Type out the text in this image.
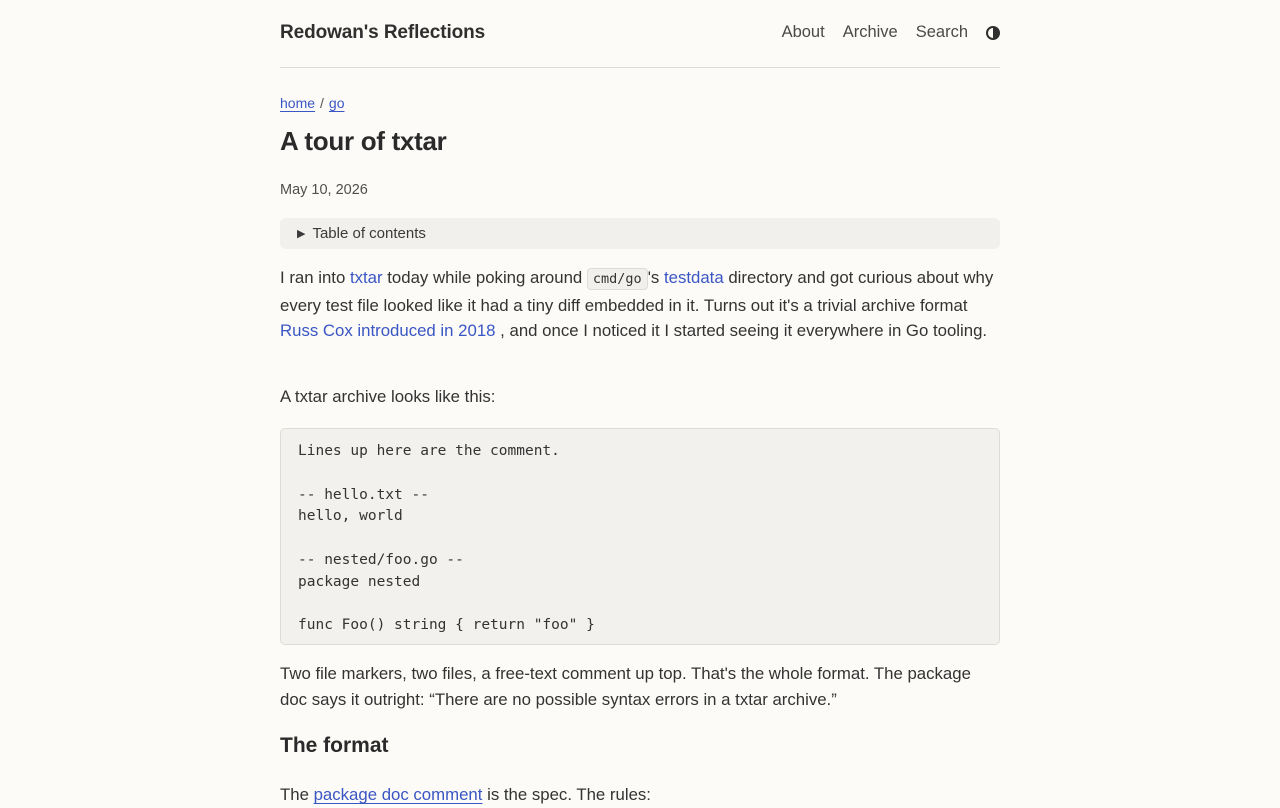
Redowan's Reflections	About Archive Search
home / go
A tour of txtar
May 10, 2026
▶ Table of contents

I ran into txtar today while poking around cmd/go 's testdata directory and got curious about why every test file looked like it had a tiny diff embedded in it. Turns out it's a trivial archive format Russ Cox introduced in 2018 , and once I noticed it I started seeing it everywhere in Go tooling.

A txtar archive looks like this:

Lines up here are the comment.

-- hello.txt --
hello, world

-- nested/foo.go --
package nested

func Foo() string { return "foo" }

Two file markers, two files, a free-text comment up top. That's the whole format. The package doc says it outright: “There are no possible syntax errors in a txtar archive.”

The format

The package doc comment is the spec. The rules:
